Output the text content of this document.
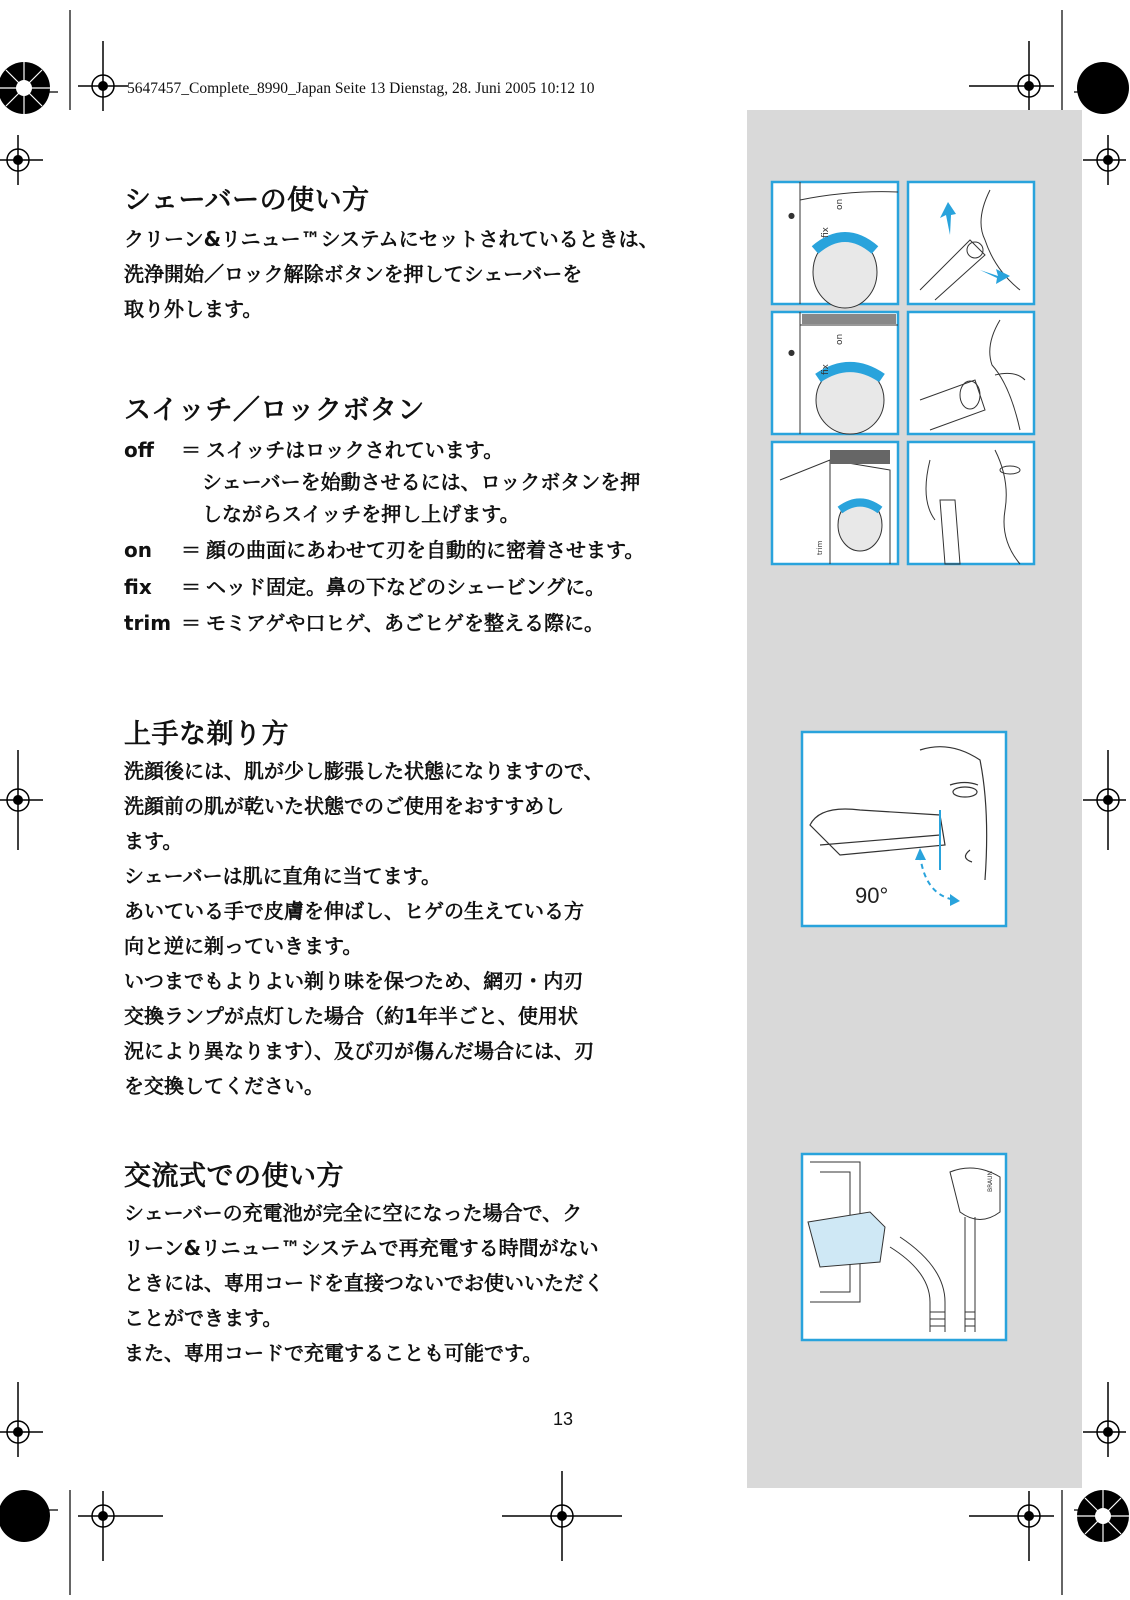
5647457_Complete_8990_Japan Seite 13 Dienstag, 28. Juni 2005 10:12 10
シェーバーの使い方

クリーン&リニュー™システムにセットされているときは、

洗浄開始／ロック解除ボタンを押してシェーバーを

取り外します。

スイッチ／ロックボタン
off ＝ スイッチはロックされています。
シェーバーを始動させるには、ロックボタンを押
しながらスイッチを押し上げます。
on ＝ 顔の曲面にあわせて刃を自動的に密着させます。
fix ＝ ヘッド固定。鼻の下などのシェービングに。
trim ＝ モミアゲや口ヒゲ、あごヒゲを整える際に。
上手な剃り方

洗顔後には、肌が少し膨張した状態になりますので、

洗顔前の肌が乾いた状態でのご使用をおすすめし

ます。

シェーバーは肌に直角に当てます。

あいている手で皮膚を伸ばし、ヒゲの生えている方

向と逆に剃っていきます。

いつまでもよりよい剃り味を保つため、網刃・内刃

交換ランプが点灯した場合（約1年半ごと、使用状

況により異なります）、及び刃が傷んだ場合には、刃

を交換してください。

交流式での使い方

シェーバーの充電池が完全に空になった場合で、ク

リーン&リニュー™システムで再充電する時間がない

ときには、専用コードを直接つないでお使いいただく

ことができます。

また、専用コードで充電することも可能です。

●
fix
on
●
fix
on
trim
90°
BRAUN
13
